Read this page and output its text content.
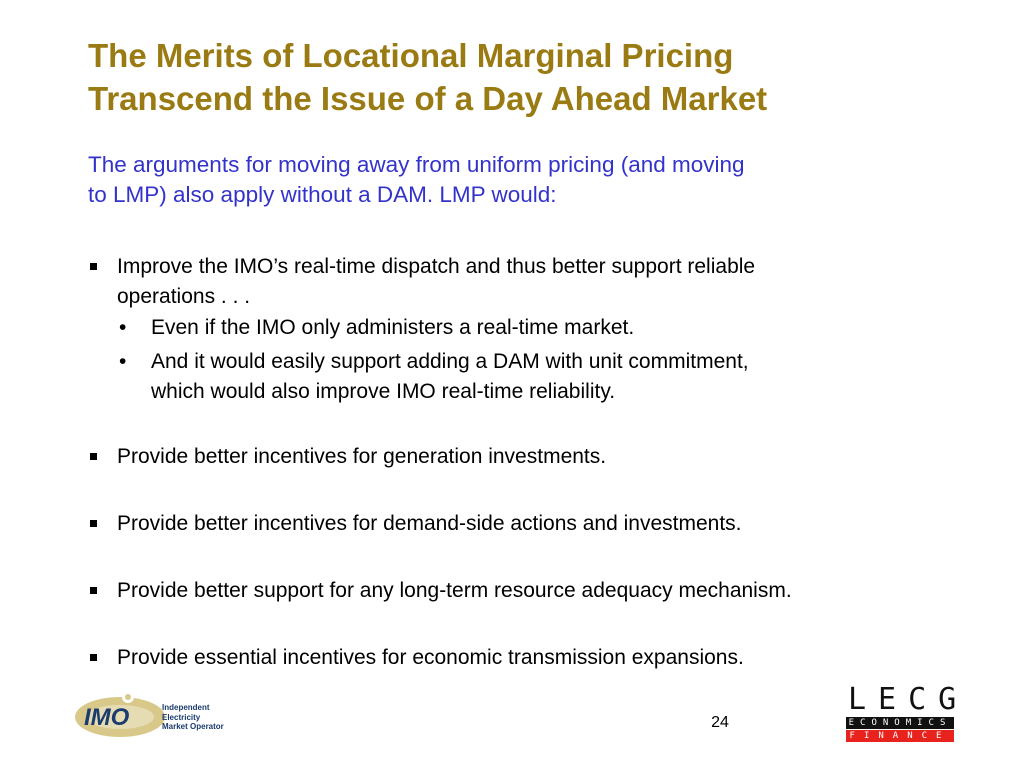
The Merits of Locational Marginal Pricing
Transcend the Issue of a Day Ahead Market
The arguments for moving away from uniform pricing (and moving
to LMP) also apply without a DAM. LMP would:
Improve the IMO’s real-time dispatch and thus better support reliable
operations . . .
• Even if the IMO only administers a real-time market.
• And it would easily support adding a DAM with unit commitment,
which would also improve IMO real-time reliability.
Provide better incentives for generation investments.
Provide better incentives for demand-side actions and investments.
Provide better support for any long-term resource adequacy mechanism.
Provide essential incentives for economic transmission expansions.
IMO	Independent
Electricity
Market Operator	24
LECG
ECONOMICS
FINANCE
